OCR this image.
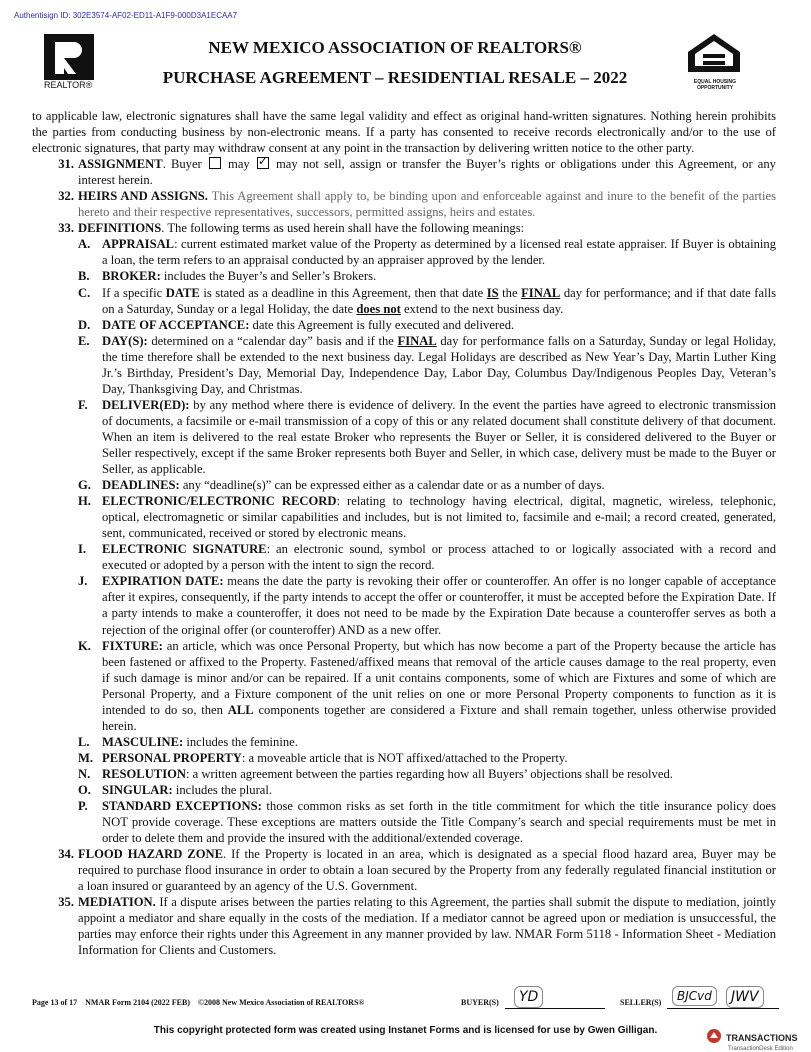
Authentisign ID: 302E3574-AF02-ED11-A1F9-000D3A1ECAA7
REALTOR®
NEW MEXICO ASSOCIATION OF REALTORS®
PURCHASE AGREEMENT – RESIDENTIAL RESALE – 2022	EQUAL HOUSING OPPORTUNITY

to applicable law, electronic signatures shall have the same legal validity and effect as original hand-written signatures. Nothing herein prohibits the parties from conducting business by non-electronic means. If a party has consented to receive records electronically and/or to the use of electronic signatures, that party may withdraw consent at any point in the transaction by delivering written notice to the other party.

31. ASSIGNMENT. Buyer may ✓ may not sell, assign or transfer the Buyer’s rights or obligations under this Agreement, or any interest herein.
32. HEIRS AND ASSIGNS. This Agreement shall apply to, be binding upon and enforceable against and inure to the benefit of the parties hereto and their respective representatives, successors, permitted assigns, heirs and estates.
33. DEFINITIONS. The following terms as used herein shall have the following meanings:
A. APPRAISAL: current estimated market value of the Property as determined by a licensed real estate appraiser. If Buyer is obtaining a loan, the term refers to an appraisal conducted by an appraiser approved by the lender.
B. BROKER: includes the Buyer’s and Seller’s Brokers.
C. If a specific DATE is stated as a deadline in this Agreement, then that date IS the FINAL day for performance; and if that date falls on a Saturday, Sunday or a legal Holiday, the date does not extend to the next business day.
D. DATE OF ACCEPTANCE: date this Agreement is fully executed and delivered.
E. DAY(S): determined on a “calendar day” basis and if the FINAL day for performance falls on a Saturday, Sunday or legal Holiday, the time therefore shall be extended to the next business day. Legal Holidays are described as New Year’s Day, Martin Luther King Jr.’s Birthday, President’s Day, Memorial Day, Independence Day, Labor Day, Columbus Day/Indigenous Peoples Day, Veteran’s Day, Thanksgiving Day, and Christmas.
F.	DELIVER(ED): by any method where there is evidence of delivery. In the event the parties have agreed to electronic transmission of documents, a facsimile or e-mail transmission of a copy of this or any related document shall constitute delivery of that document. When an item is delivered to the real estate Broker who represents the Buyer or Seller, it is considered delivered to the Buyer or Seller respectively, except if the same Broker represents both Buyer and Seller, in which case, delivery must be made to the Buyer or Seller, as applicable.
G. DEADLINES: any “deadline(s)” can be expressed either as a calendar date or as a number of days.
H. ELECTRONIC/ELECTRONIC RECORD: relating to technology having electrical, digital, magnetic, wireless, telephonic, optical, electromagnetic or similar capabilities and includes, but is not limited to, facsimile and e-mail; a record created, generated, sent, communicated, received or stored by electronic means.
I.	ELECTRONIC SIGNATURE: an electronic sound, symbol or process attached to or logically associated with a record and executed or adopted by a person with the intent to sign the record.
J.	EXPIRATION DATE: means the date the party is revoking their offer or counteroffer. An offer is no longer capable of acceptance after it expires, consequently, if the party intends to accept the offer or counteroffer, it must be accepted before the Expiration Date. If a party intends to make a counteroffer, it does not need to be made by the Expiration Date because a counteroffer serves as both a rejection of the original offer (or counteroffer) AND as a new offer.
K. FIXTURE: an article, which was once Personal Property, but which has now become a part of the Property because the article has been fastened or affixed to the Property. Fastened/affixed means that removal of the article causes damage to the real property, even if such damage is minor and/or can be repaired. If a unit contains components, some of which are Fixtures and some of which are Personal Property, and a Fixture component of the unit relies on one or more Personal Property components to function as it is intended to do so, then ALL components together are considered a Fixture and shall remain together, unless otherwise provided herein.
L. MASCULINE: includes the feminine.
M. PERSONAL PROPERTY: a moveable article that is NOT affixed/attached to the Property.
N. RESOLUTION: a written agreement between the parties regarding how all Buyers’ objections shall be resolved.
O. SINGULAR: includes the plural.
P.	STANDARD EXCEPTIONS: those common risks as set forth in the title commitment for which the title insurance policy does NOT provide coverage. These exceptions are matters outside the Title Company’s search and special requirements must be met in order to delete them and provide the insured with the additional/extended coverage.
34. FLOOD HAZARD ZONE. If the Property is located in an area, which is designated as a special flood hazard area, Buyer may be required to purchase flood insurance in order to obtain a loan secured by the Property from any federally regulated financial institution or a loan insured or guaranteed by an agency of the U.S. Government.
35. MEDIATION. If a dispute arises between the parties relating to this Agreement, the parties shall submit the dispute to mediation, jointly appoint a mediator and share equally in the costs of the mediation. If a mediator cannot be agreed upon or mediation is unsuccessful, the parties may enforce their rights under this Agreement in any manner provided by law. NMAR Form 5118 - Information Sheet - Mediation Information for Clients and Customers.
Page 13 of 17 NMAR Form 2104 (2022 FEB) ©2008 New Mexico Association of REALTORS®	BUYER(S)	YD	SELLER(S)	BJCvd	JWV
This copyright protected form was created using Instanet Forms and is licensed for use by Gwen Gilligan.
TRANSACTIONS
TransactionDesk Edition
